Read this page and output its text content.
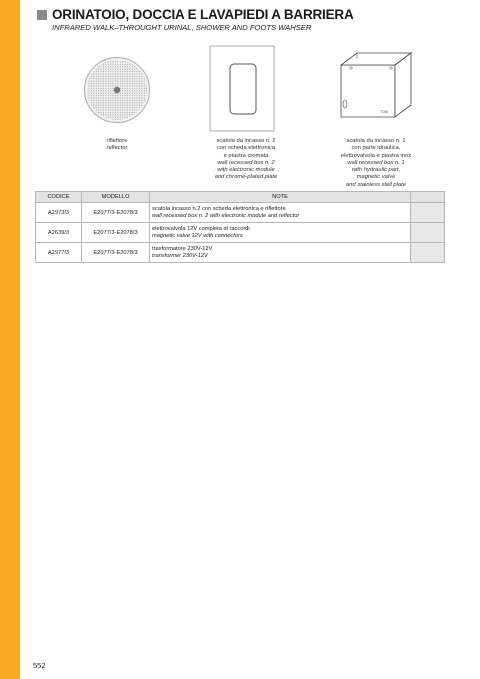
ORINATOIO, DOCCIA E LAVAPIEDI A BARRIERA
INFRARED WALK–THROUGHT URINAL, SHOWER AND FOOTS WAHSER
riflettore
reflector
scatola da incasso n. 2
con scheda elettronica
e piastra cromata
wall recessed box n. 2
with electronic module
and chrome-plated plate
TOM
scatola da incasso n. 1
con parte idraulica,
elettrovalvola e piastra inox
wall recessed box n. 1
with hydraulic part,
magnetic valve
and stainless stell plate
CODICE	MODELLO	NOTE	
A2973/3	E2077/3-E2078/3	scatola incasso n.2 con scheda elettronica e riflettore
wall recessed box n. 2 with electronic module and reflector	

A2639/3	E2077/3-E2078/3	elettrovalvola 12V completa di raccordi
magnetic valve 12V with connectors	

A2977/3	E2077/3-E2078/3	trasformatore 230V-12V
transformer 230V-12V	

552
